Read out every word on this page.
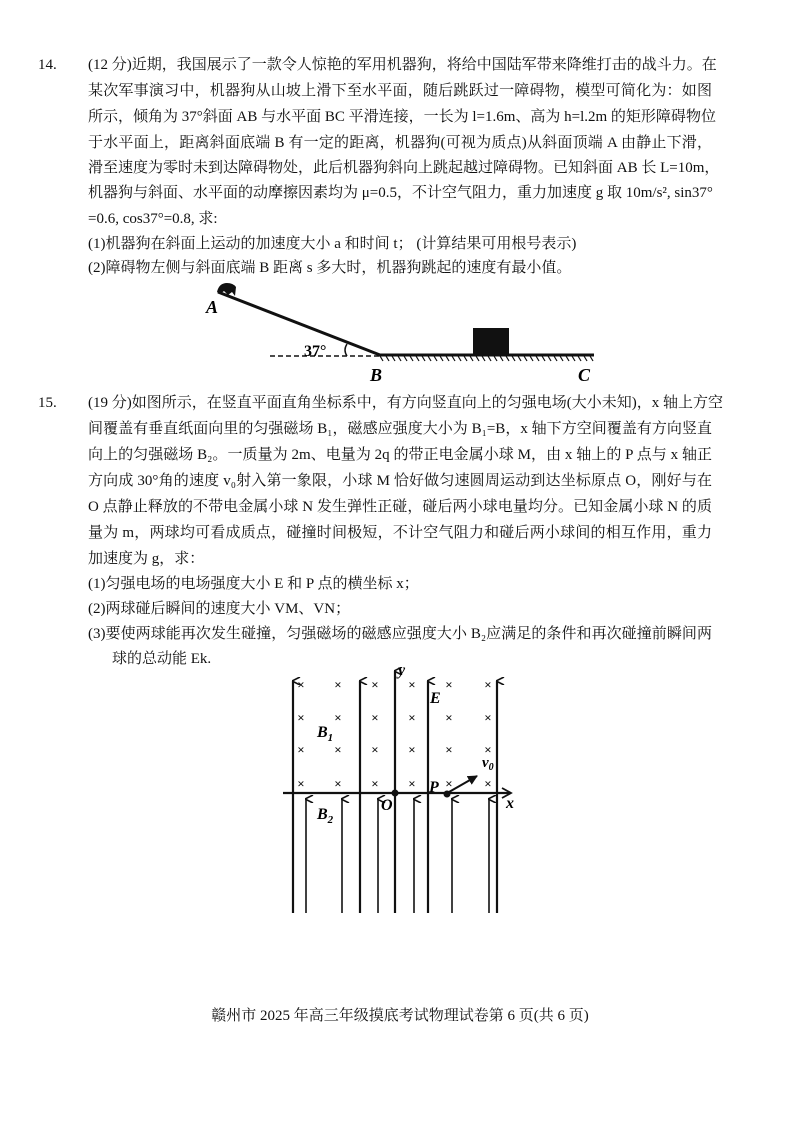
14. (12 分)近期，我国展示了一款令人惊艳的军用机器狗，将给中国陆军带来降维打击的战斗力。在
某次军事演习中，机器狗从山坡上滑下至水平面，随后跳跃过一障碍物，模型可简化为：如图
所示，倾角为 37°斜面 AB 与水平面 BC 平滑连接，一长为 l=1.6m、高为 h=l.2m 的矩形障碍物位
于水平面上，距离斜面底端 B 有一定的距离，机器狗(可视为质点)从斜面顶端 A 由静止下滑，
滑至速度为零时未到达障碍物处，此后机器狗斜向上跳起越过障碍物。已知斜面 AB 长 L=10m，
机器狗与斜面、水平面的动摩擦因素均为 μ=0.5，不计空气阻力，重力加速度 g 取 10m/s², sin37°
=0.6, cos37°=0.8, 求:
(1)机器狗在斜面上运动的加速度大小 a 和时间 t； (计算结果可用根号表示)
(2)障碍物左侧与斜面底端 B 距离 s 多大时，机器狗跳起的速度有最小值。
37°
A
B	C
15. (19 分)如图所示，在竖直平面直角坐标系中，有方向竖直向上的匀强电场(大小未知)，x 轴上方空
间覆盖有垂直纸面向里的匀强磁场 B₁，磁感应强度大小为 B₁=B，x 轴下方空间覆盖有方向竖直
向上的匀强磁场 B₂。一质量为 2m、电量为 2q 的带正电金属小球 M，由 x 轴上的 P 点与 x 轴正
方向成 30°角的速度 v₀射入第一象限，小球 M 恰好做匀速圆周运动到达坐标原点 O，刚好与在
O 点静止释放的不带电金属小球 N 发生弹性正碰，碰后两小球电量均分。已知金属小球 N 的质
量为 m，两球均可看成质点，碰撞时间极短，不计空气阻力和碰后两小球间的相互作用，重力
加速度为 g，求：
(1)匀强电场的电场强度大小 E 和 P 点的横坐标 x；
(2)两球碰后瞬间的速度大小 VM、VN；
(3)要使两球能再次发生碰撞，匀强磁场的磁感应强度大小 B₂应满足的条件和再次碰撞前瞬间两
球的总动能 Ek.
× × × × × ×
× × × × × ×
× × × × × ×
× × × × × ×
y
x
E
$B_1$
$B_2$
O
P
$v_0$
赣州市 2025 年高三年级摸底考试物理试卷第 6 页(共 6 页)
